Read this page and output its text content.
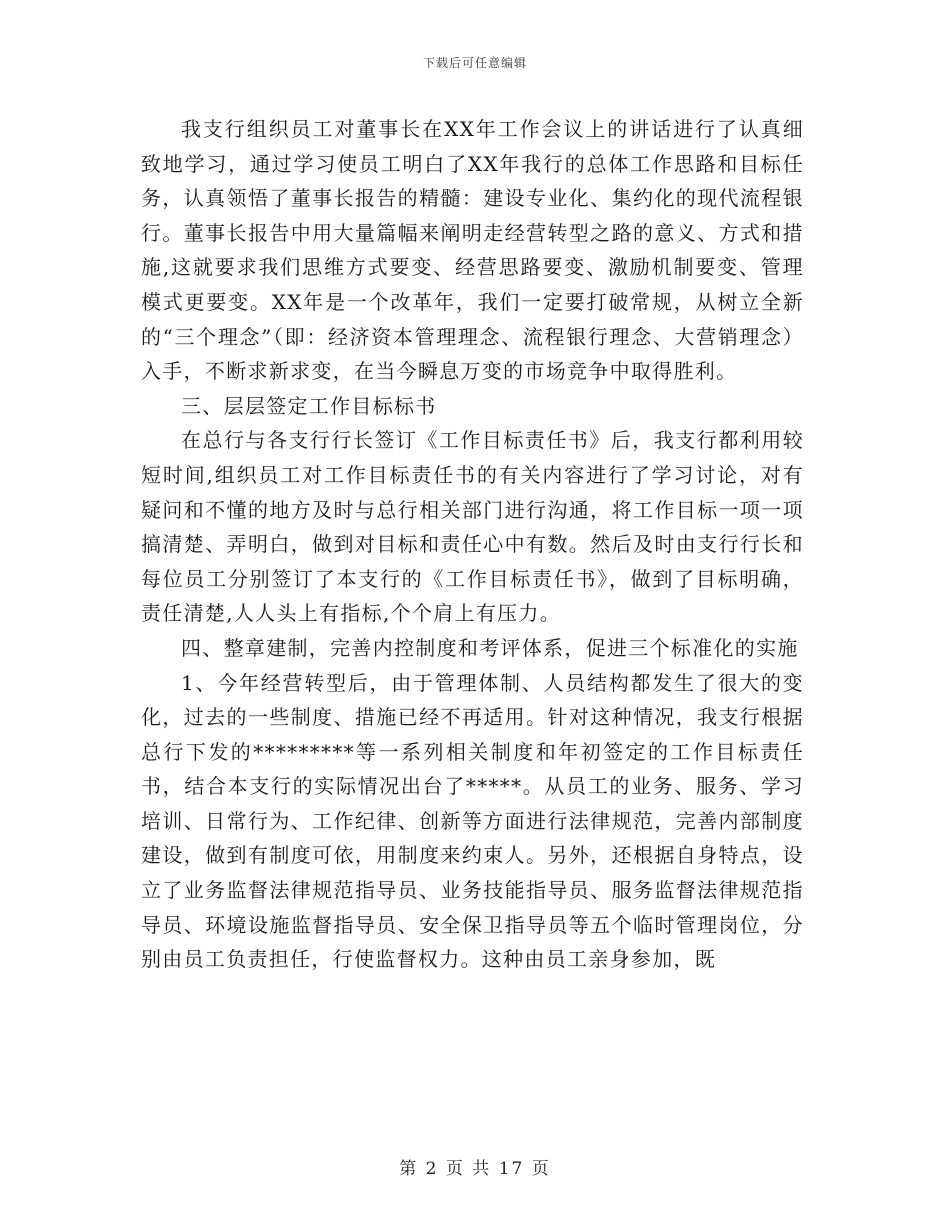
下载后可任意编辑

我支行组织员工对董事长在XX年工作会议上的讲话进行了认真细致地学习，通过学习使员工明白了XX年我行的总体工作思路和目标任务，认真领悟了董事长报告的精髓：建设专业化、集约化的现代流程银行。董事长报告中用大量篇幅来阐明走经营转型之路的意义、方式和措施,这就要求我们思维方式要变、经营思路要变、激励机制要变、管理模式更要变。XX年是一个改革年，我们一定要打破常规，从树立全新的“三个理念”（即：经济资本管理理念、流程银行理念、大营销理念）入手，不断求新求变，在当今瞬息万变的市场竞争中取得胜利。

三、层层签定工作目标标书

在总行与各支行行长签订《工作目标责任书》后，我支行都利用较短时间,组织员工对工作目标责任书的有关内容进行了学习讨论，对有疑问和不懂的地方及时与总行相关部门进行沟通，将工作目标一项一项搞清楚、弄明白，做到对目标和责任心中有数。然后及时由支行行长和每位员工分别签订了本支行的《工作目标责任书》，做到了目标明确，责任清楚,人人头上有指标,个个肩上有压力。

四、整章建制，完善内控制度和考评体系，促进三个标准化的实施

1、今年经营转型后，由于管理体制、人员结构都发生了很大的变化，过去的一些制度、措施已经不再适用。针对这种情况，我支行根据总行下发的*********等一系列相关制度和年初签定的工作目标责任书，结合本支行的实际情况出台了*****。从员工的业务、服务、学习培训、日常行为、工作纪律、创新等方面进行法律规范，完善内部制度建设，做到有制度可依，用制度来约束人。另外，还根据自身特点，设立了业务监督法律规范指导员、业务技能指导员、服务监督法律规范指导员、环境设施监督指导员、安全保卫指导员等五个临时管理岗位，分别由员工负责担任，行使监督权力。这种由员工亲身参加，既

第 2 页 共 17 页
